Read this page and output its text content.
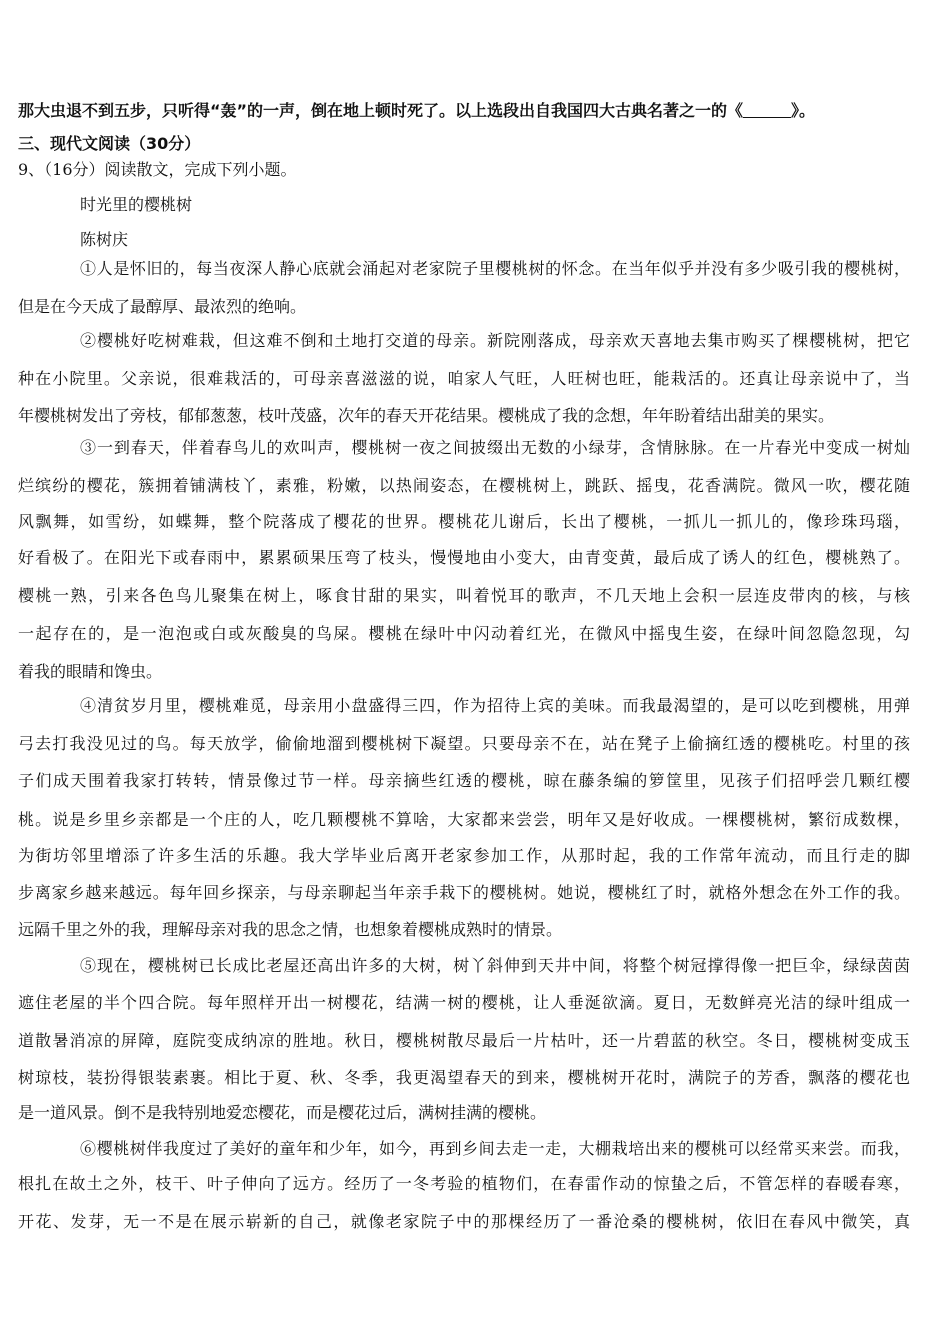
那大虫退不到五步，只听得“轰”的一声，倒在地上顿时死了。以上选段出自我国四大古典名著之一的《	》。
三、现代文阅读（30分）
9、（16分）阅读散文，完成下列小题。
时光里的樱桃树
陈树庆
①人是怀旧的，每当夜深人静心底就会涌起对老家院子里樱桃树的怀念。在当年似乎并没有多少吸引我的樱桃树，
但是在今天成了最醇厚、最浓烈的绝响。
②樱桃好吃树难栽，但这难不倒和土地打交道的母亲。新院刚落成，母亲欢天喜地去集市购买了棵樱桃树，把它
种在小院里。父亲说，很难栽活的，可母亲喜滋滋的说，咱家人气旺，人旺树也旺，能栽活的。还真让母亲说中了，当
年樱桃树发出了旁枝，郁郁葱葱，枝叶茂盛，次年的春天开花结果。樱桃成了我的念想，年年盼着结出甜美的果实。
③一到春天，伴着春鸟儿的欢叫声，樱桃树一夜之间披缀出无数的小绿芽，含情脉脉。在一片春光中变成一树灿
烂缤纷的樱花，簇拥着铺满枝丫，素雅，粉嫩，以热闹姿态，在樱桃树上，跳跃、摇曳，花香满院。微风一吹，樱花随
风飘舞，如雪纷，如蝶舞，整个院落成了樱花的世界。樱桃花儿谢后，长出了樱桃，一抓儿一抓儿的，像珍珠玛瑙，
好看极了。在阳光下或春雨中，累累硕果压弯了枝头，慢慢地由小变大，由青变黄，最后成了诱人的红色，樱桃熟了。
樱桃一熟，引来各色鸟儿聚集在树上，啄食甘甜的果实，叫着悦耳的歌声，不几天地上会积一层连皮带肉的核，与核
一起存在的，是一泡泡或白或灰酸臭的鸟屎。樱桃在绿叶中闪动着红光，在微风中摇曳生姿，在绿叶间忽隐忽现，勾
着我的眼睛和馋虫。
④清贫岁月里，樱桃难觅，母亲用小盘盛得三四，作为招待上宾的美味。而我最渴望的，是可以吃到樱桃，用弹
弓去打我没见过的鸟。每天放学，偷偷地溜到樱桃树下凝望。只要母亲不在，站在凳子上偷摘红透的樱桃吃。村里的孩
子们成天围着我家打转转，情景像过节一样。母亲摘些红透的樱桃，晾在藤条编的箩筐里，见孩子们招呼尝几颗红樱
桃。说是乡里乡亲都是一个庄的人，吃几颗樱桃不算啥，大家都来尝尝，明年又是好收成。一棵樱桃树，繁衍成数棵，
为街坊邻里增添了许多生活的乐趣。我大学毕业后离开老家参加工作，从那时起，我的工作常年流动，而且行走的脚
步离家乡越来越远。每年回乡探亲，与母亲聊起当年亲手栽下的樱桃树。她说，樱桃红了时，就格外想念在外工作的我。
远隔千里之外的我，理解母亲对我的思念之情，也想象着樱桃成熟时的情景。
⑤现在，樱桃树已长成比老屋还高出许多的大树，树丫斜伸到天井中间，将整个树冠撑得像一把巨伞，绿绿茵茵
遮住老屋的半个四合院。每年照样开出一树樱花，结满一树的樱桃，让人垂涎欲滴。夏日，无数鲜亮光洁的绿叶组成一
道散暑消凉的屏障，庭院变成纳凉的胜地。秋日，樱桃树散尽最后一片枯叶，还一片碧蓝的秋空。冬日，樱桃树变成玉
树琼枝，装扮得银装素裹。相比于夏、秋、冬季，我更渴望春天的到来，樱桃树开花时，满院子的芳香，飘落的樱花也
是一道风景。倒不是我特别地爱恋樱花，而是樱花过后，满树挂满的樱桃。
⑥樱桃树伴我度过了美好的童年和少年，如今，再到乡间去走一走，大棚栽培出来的樱桃可以经常买来尝。而我，
根扎在故土之外，枝干、叶子伸向了远方。经历了一冬考验的植物们，在春雷作动的惊蛰之后，不管怎样的春暖春寒，
开花、发芽，无一不是在展示崭新的自己，就像老家院子中的那棵经历了一番沧桑的樱桃树，依旧在春风中微笑，真
